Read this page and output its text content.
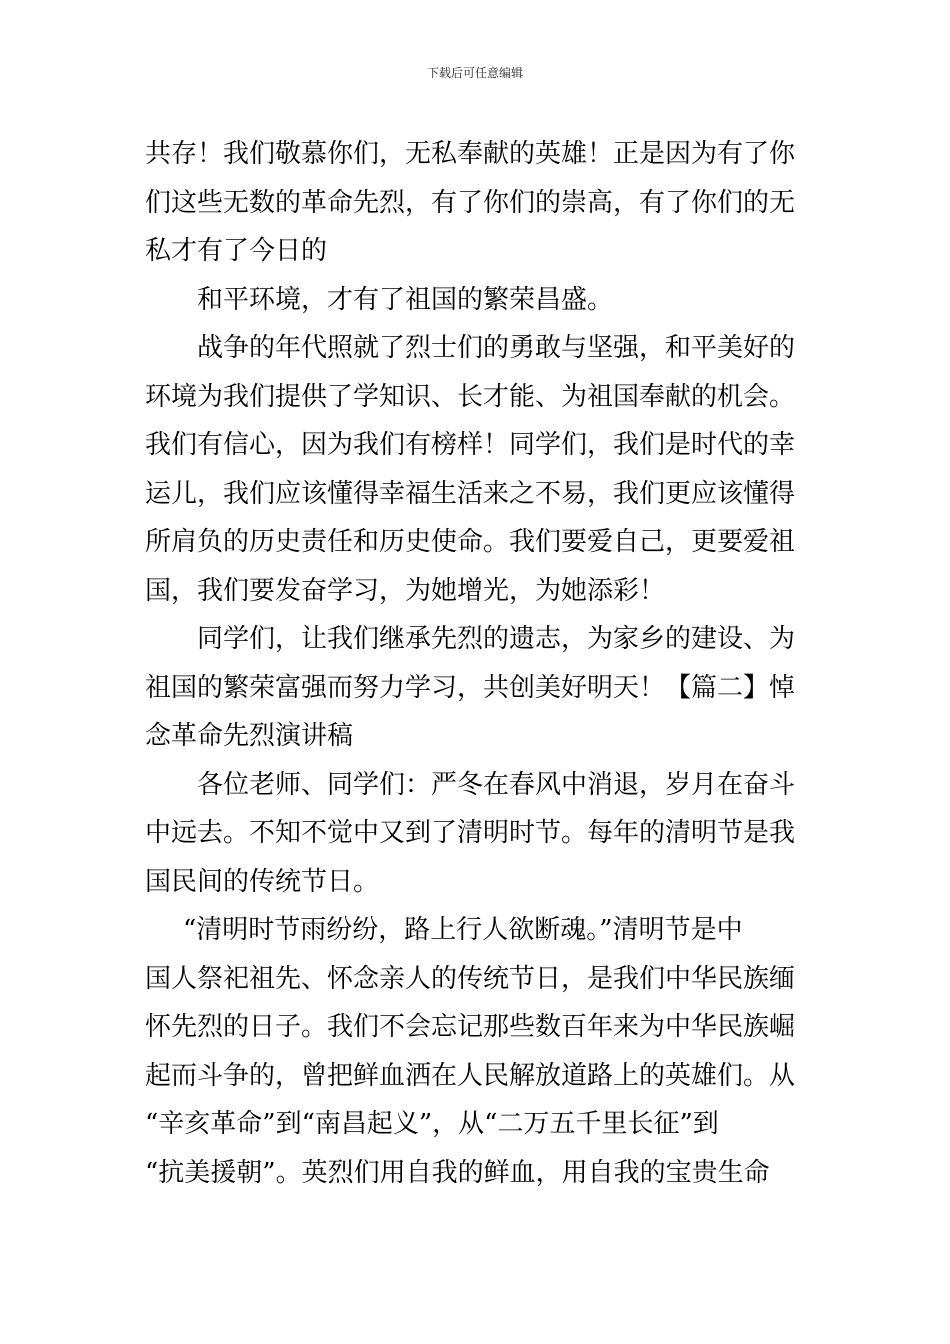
下载后可任意编辑

共存！我们敬慕你们，无私奉献的英雄！正是因为有了你
们这些无数的革命先烈，有了你们的崇高，有了你们的无
私才有了今日的

和平环境，才有了祖国的繁荣昌盛。

战争的年代照就了烈士们的勇敢与坚强，和平美好的
环境为我们提供了学知识、长才能、为祖国奉献的机会。
我们有信心，因为我们有榜样！同学们，我们是时代的幸
运儿，我们应该懂得幸福生活来之不易，我们更应该懂得
所肩负的历史责任和历史使命。我们要爱自己，更要爱祖
国，我们要发奋学习，为她增光，为她添彩！

同学们，让我们继承先烈的遗志，为家乡的建设、为
祖国的繁荣富强而努力学习，共创美好明天！【篇二】悼
念革命先烈演讲稿

各位老师、同学们：严冬在春风中消退，岁月在奋斗
中远去。不知不觉中又到了清明时节。每年的清明节是我
国民间的传统节日。

“清明时节雨纷纷，路上行人欲断魂。”清明节是中
国人祭祀祖先、怀念亲人的传统节日，是我们中华民族缅
怀先烈的日子。我们不会忘记那些数百年来为中华民族崛
起而斗争的，曾把鲜血洒在人民解放道路上的英雄们。从
“辛亥革命”到“南昌起义”，从“二万五千里长征”到
“抗美援朝”。英烈们用自我的鲜血，用自我的宝贵生命
